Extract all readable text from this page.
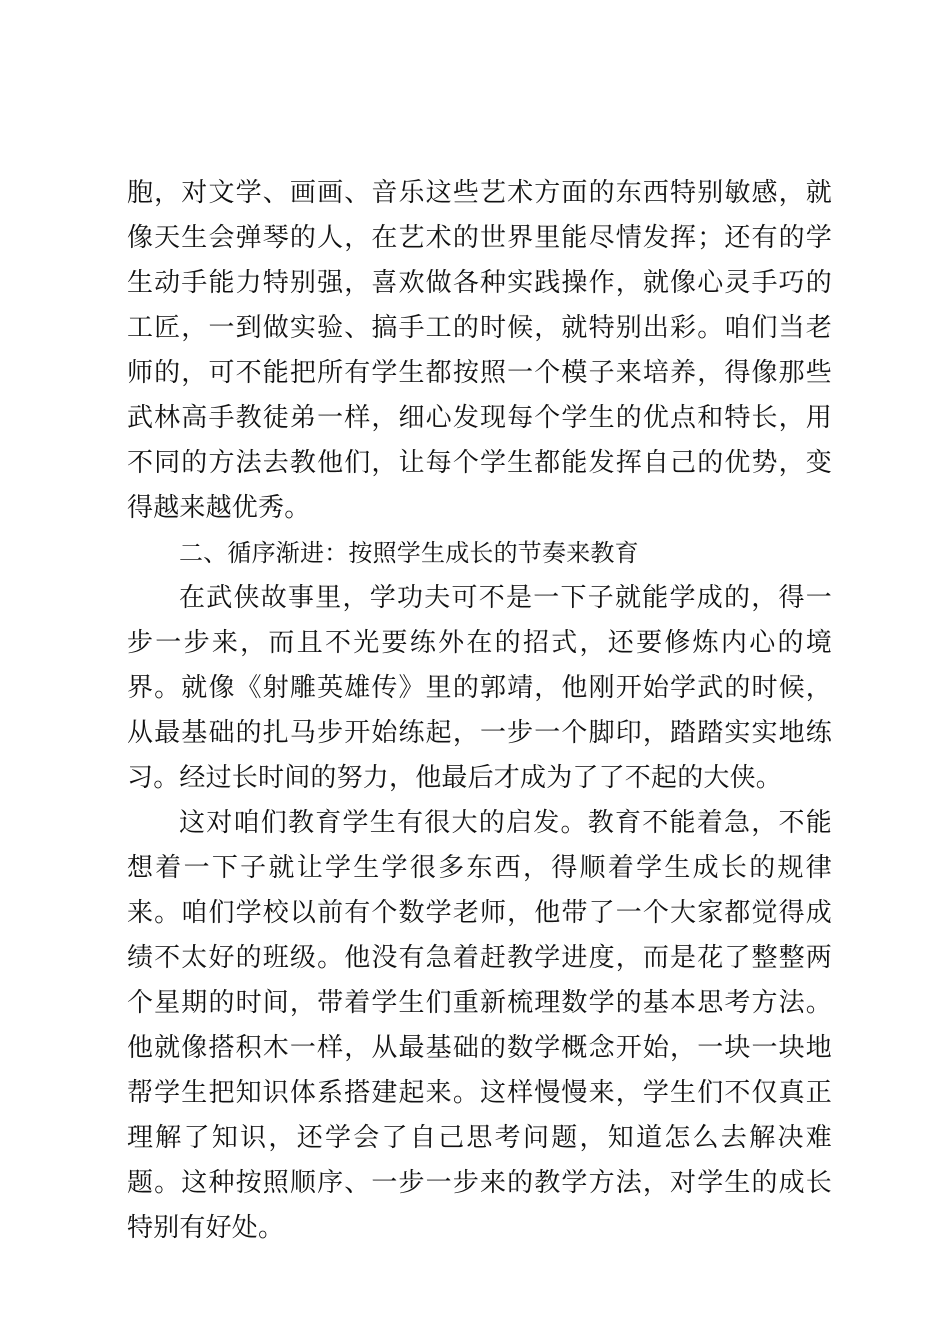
胞，对文学、画画、音乐这些艺术方面的东西特别敏感，就像天生会弹琴的人，在艺术的世界里能尽情发挥；还有的学生动手能力特别强，喜欢做各种实践操作，就像心灵手巧的工匠，一到做实验、搞手工的时候，就特别出彩。咱们当老师的，可不能把所有学生都按照一个模子来培养，得像那些武林高手教徒弟一样，细心发现每个学生的优点和特长，用不同的方法去教他们，让每个学生都能发挥自己的优势，变得越来越优秀。

二、循序渐进：按照学生成长的节奏来教育

在武侠故事里，学功夫可不是一下子就能学成的，得一步一步来，而且不光要练外在的招式，还要修炼内心的境界。就像《射雕英雄传》里的郭靖，他刚开始学武的时候，从最基础的扎马步开始练起，一步一个脚印，踏踏实实地练习。经过长时间的努力，他最后才成为了了不起的大侠。

这对咱们教育学生有很大的启发。教育不能着急，不能想着一下子就让学生学很多东西，得顺着学生成长的规律来。咱们学校以前有个数学老师，他带了一个大家都觉得成绩不太好的班级。他没有急着赶教学进度，而是花了整整两个星期的时间，带着学生们重新梳理数学的基本思考方法。他就像搭积木一样，从最基础的数学概念开始，一块一块地帮学生把知识体系搭建起来。这样慢慢来，学生们不仅真正理解了知识，还学会了自己思考问题，知道怎么去解决难题。这种按照顺序、一步一步来的教学方法，对学生的成长特别有好处。
